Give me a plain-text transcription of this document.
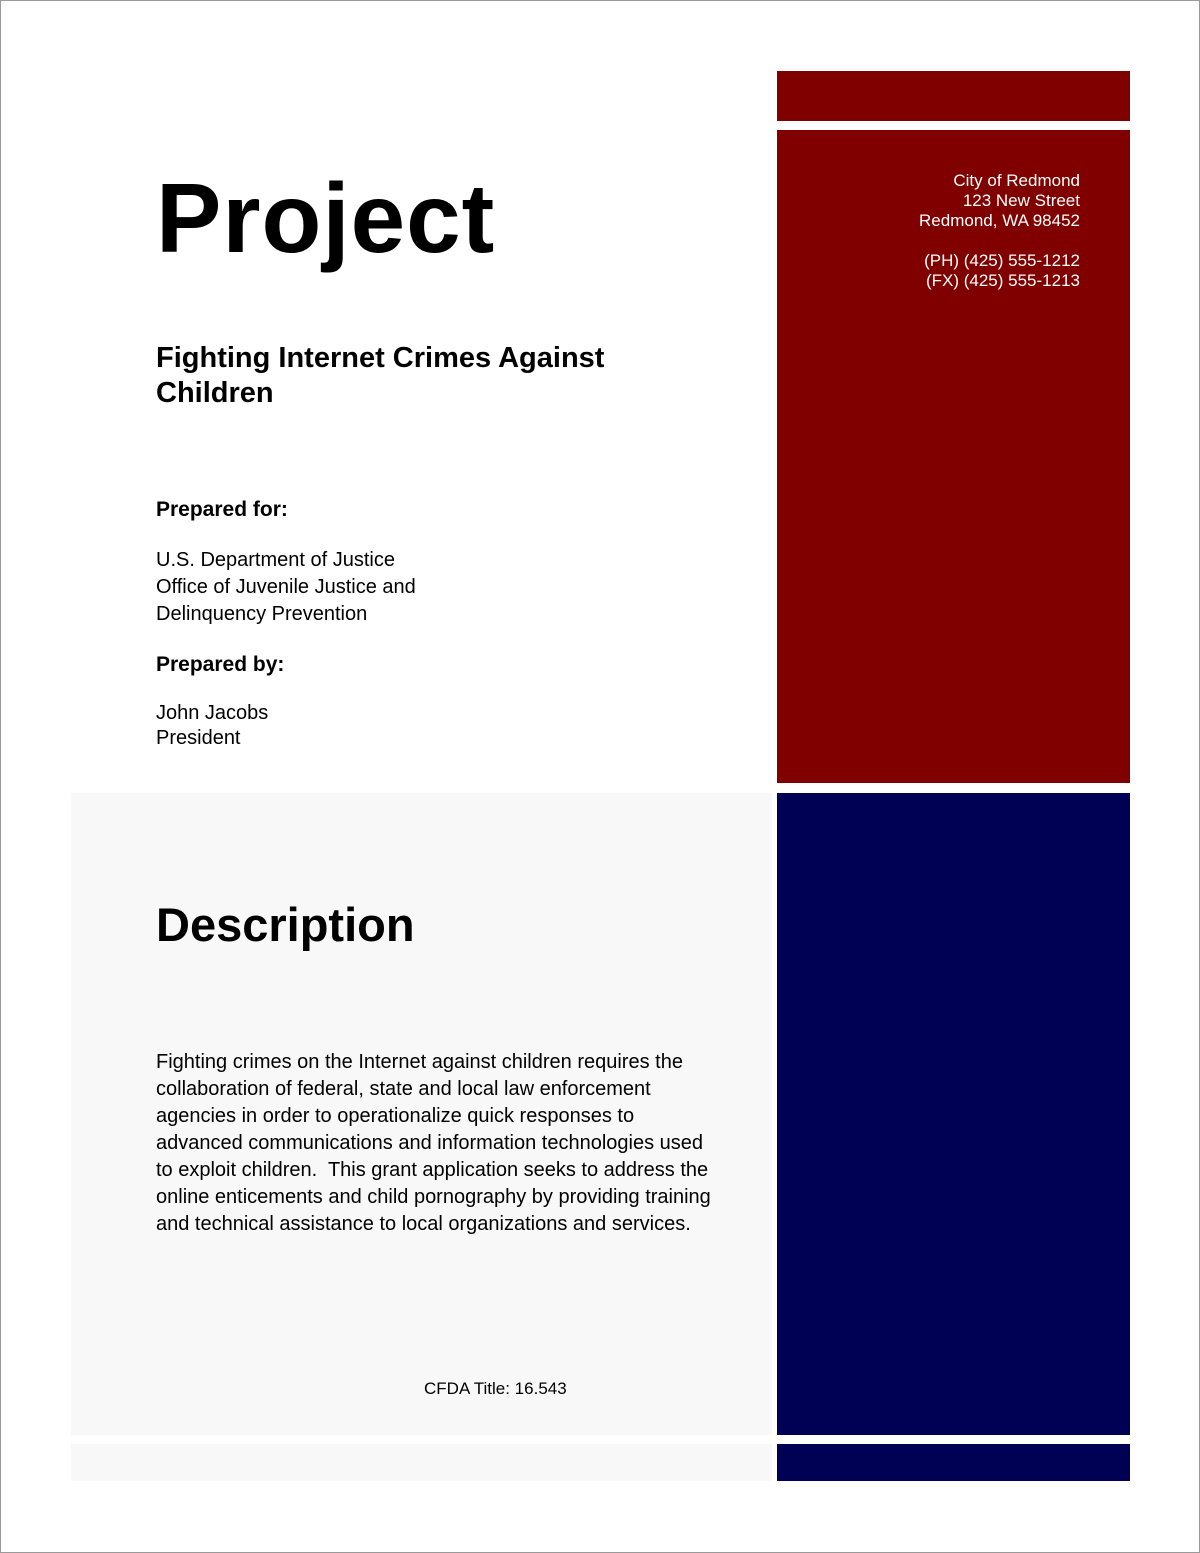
City of Redmond
123 New Street
Redmond, WA 98452
(PH) (425) 555-1212
(FX) (425) 555-1213
Project
Fighting Internet Crimes Against Children

Prepared for:

U.S. Department of Justice
Office of Juvenile Justice and
Delinquency Prevention

Prepared by:

John Jacobs
President
Description

Fighting crimes on the Internet against children requires the collaboration of federal, state and local law enforcement agencies in order to operationalize quick responses to advanced communications and information technologies used to exploit children.  This grant application seeks to address the online enticements and child pornography by providing training and technical assistance to local organizations and services.

CFDA Title: 16.543
